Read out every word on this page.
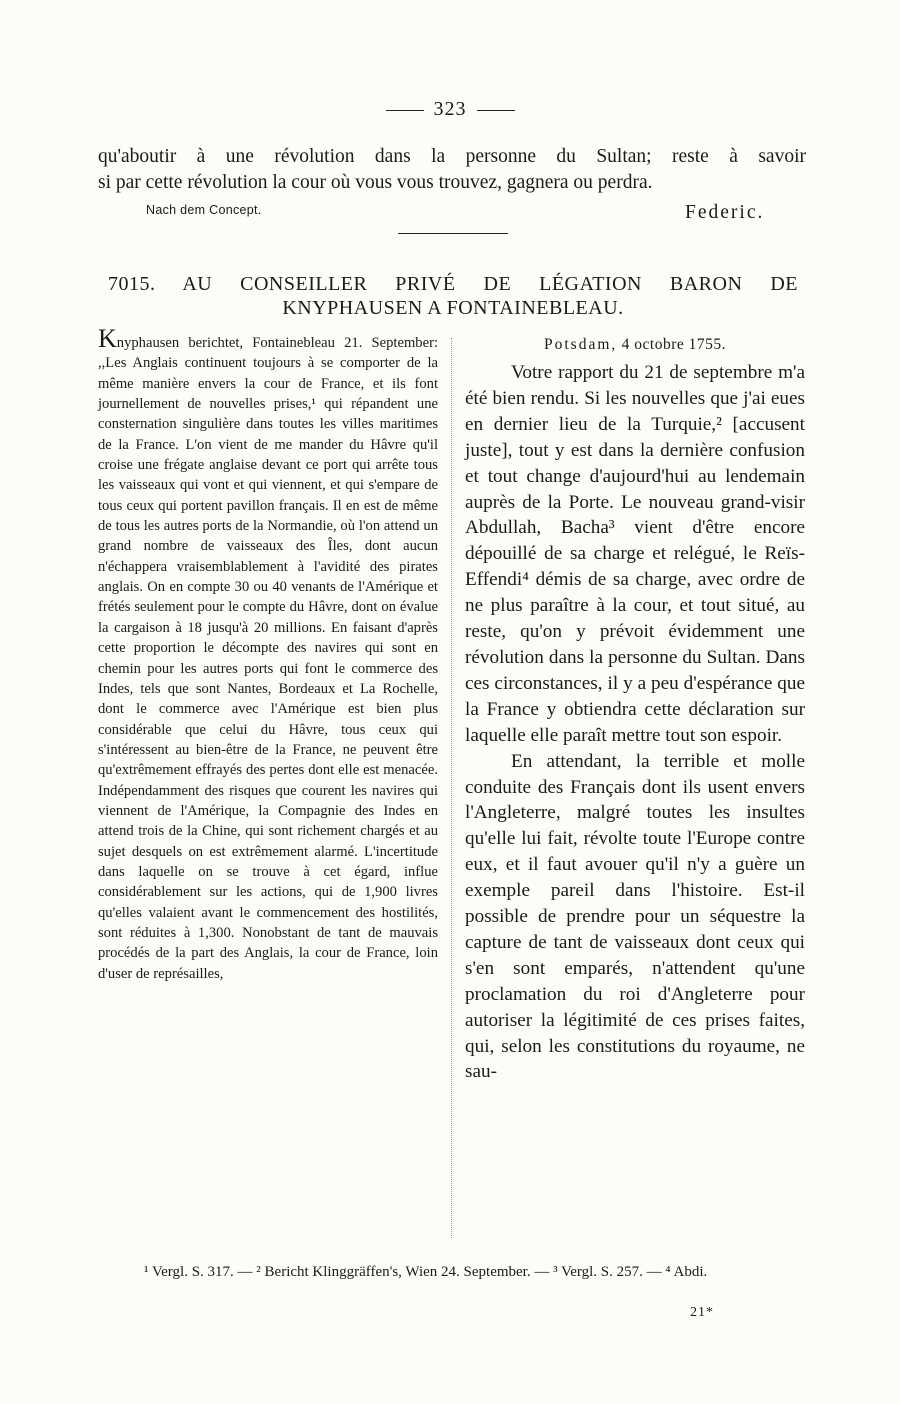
323

qu'aboutir à une révolution dans la personne du Sultan; reste à savoir

si par cette révolution la cour où vous vous trouvez, gagnera ou perdra.

Nach dem Concept.	Federic.
7015. AU CONSEILLER PRIVÉ DE LÉGATION BARON DE
KNYPHAUSEN A FONTAINEBLEAU.
Knyphausen berichtet, Fontainebleau 21. September: ,,Les Anglais continuent toujours à se comporter de la même manière envers la cour de France, et ils font journellement de nouvelles prises,¹ qui répandent une consternation singulière dans toutes les villes maritimes de la France. L'on vient de me mander du Hâvre qu'il croise une frégate anglaise devant ce port qui arrête tous les vaisseaux qui vont et qui viennent, et qui s'empare de tous ceux qui portent pavillon français. Il en est de même de tous les autres ports de la Normandie, où l'on attend un grand nombre de vaisseaux des Îles, dont aucun n'échappera vraisemblablement à l'avidité des pirates anglais. On en compte 30 ou 40 venants de l'Amérique et frétés seulement pour le compte du Hâvre, dont on évalue la cargaison à 18 jusqu'à 20 millions. En faisant d'après cette proportion le décompte des navires qui sont en chemin pour les autres ports qui font le commerce des Indes, tels que sont Nantes, Bordeaux et La Rochelle, dont le commerce avec l'Amérique est bien plus considérable que celui du Hâvre, tous ceux qui s'intéressent au bien-être de la France, ne peuvent être qu'extrêmement effrayés des pertes dont elle est menacée. Indépendamment des risques que courent les navires qui viennent de l'Amérique, la Compagnie des Indes en attend trois de la Chine, qui sont richement chargés et au sujet desquels on est extrêmement alarmé. L'incertitude dans laquelle on se trouve à cet égard, influe considérablement sur les actions, qui de 1,900 livres qu'elles valaient avant le commencement des hostilités, sont réduites à 1,300. Nonobstant de tant de mauvais procédés de la part des Anglais, la cour de France, loin d'user de représailles,
Potsdam, 4 octobre 1755.

Votre rapport du 21 de septembre m'a été bien rendu. Si les nouvelles que j'ai eues en dernier lieu de la Turquie,² [accusent juste], tout y est dans la dernière confusion et tout change d'aujourd'hui au lendemain auprès de la Porte. Le nouveau grand-visir Abdullah, Bacha³ vient d'être encore dépouillé de sa charge et relégué, le Reïs-Effendi⁴ démis de sa charge, avec ordre de ne plus paraître à la cour, et tout situé, au reste, qu'on y prévoit évidemment une révolution dans la personne du Sultan. Dans ces circonstances, il y a peu d'espérance que la France y obtiendra cette déclaration sur laquelle elle paraît mettre tout son espoir.

En attendant, la terrible et molle conduite des Français dont ils usent envers l'Angleterre, malgré toutes les insultes qu'elle lui fait, révolte toute l'Europe contre eux, et il faut avouer qu'il n'y a guère un exemple pareil dans l'histoire. Est-il possible de prendre pour un séquestre la capture de tant de vaisseaux dont ceux qui s'en sont emparés, n'attendent qu'une proclamation du roi d'Angleterre pour autoriser la légitimité de ces prises faites, qui, selon les constitutions du royaume, ne sau-

¹ Vergl. S. 317. — ² Bericht Klinggräffen's, Wien 24. September. — ³ Vergl. S. 257. — ⁴ Abdi.

21*
